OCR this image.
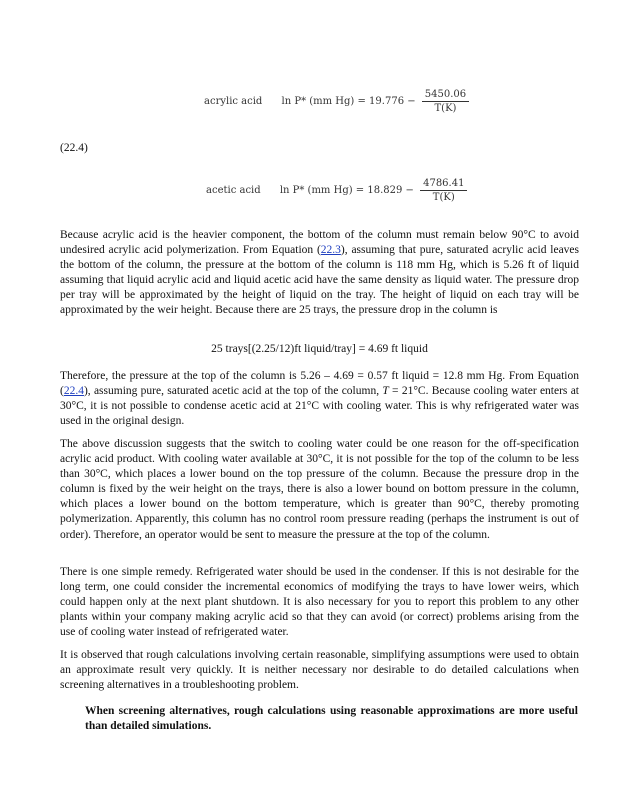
acrylic acid ln P* (mm $Hg) = 19.776 - \frac{5450.06}{T(K)}$
(22.4)
acetic acid ln P* (mm $Hg) = 18.829 - \frac{4786.41}{T(K)}$

Because acrylic acid is the heavier component, the bottom of the column must remain below 90°C to avoid undesired acrylic acid polymerization. From Equation (22.3), assuming that pure, saturated acrylic acid leaves the bottom of the column, the pressure at the bottom of the column is 118 mm Hg, which is 5.26 ft of liquid assuming that liquid acrylic acid and liquid acetic acid have the same density as liquid water. The pressure drop per tray will be approximated by the height of liquid on the tray. The height of liquid on each tray will be approximated by the weir height. Because there are 25 trays, the pressure drop in the column is

25 trays[(2.25/12)ft liquid/tray] = 4.69 ft liquid

Therefore, the pressure at the top of the column is 5.26 – 4.69 = 0.57 ft liquid = 12.8 mm Hg. From Equation (22.4), assuming pure, saturated acetic acid at the top of the column, T = 21°C. Because cooling water enters at 30°C, it is not possible to condense acetic acid at 21°C with cooling water. This is why refrigerated water was used in the original design.

The above discussion suggests that the switch to cooling water could be one reason for the off-specification acrylic acid product. With cooling water available at 30°C, it is not possible for the top of the column to be less than 30°C, which places a lower bound on the top pressure of the column. Because the pressure drop in the column is fixed by the weir height on the trays, there is also a lower bound on bottom pressure in the column, which places a lower bound on the bottom temperature, which is greater than 90°C, thereby promoting polymerization. Apparently, this column has no control room pressure reading (perhaps the instrument is out of order). Therefore, an operator would be sent to measure the pressure at the top of the column.

There is one simple remedy. Refrigerated water should be used in the condenser. If this is not desirable for the long term, one could consider the incremental economics of modifying the trays to have lower weirs, which could happen only at the next plant shutdown. It is also necessary for you to report this problem to any other plants within your company making acrylic acid so that they can avoid (or correct) problems arising from the use of cooling water instead of refrigerated water.

It is observed that rough calculations involving certain reasonable, simplifying assumptions were used to obtain an approximate result very quickly. It is neither necessary nor desirable to do detailed calculations when screening alternatives in a troubleshooting problem.

When screening alternatives, rough calculations using reasonable approximations are more useful than detailed simulations.
